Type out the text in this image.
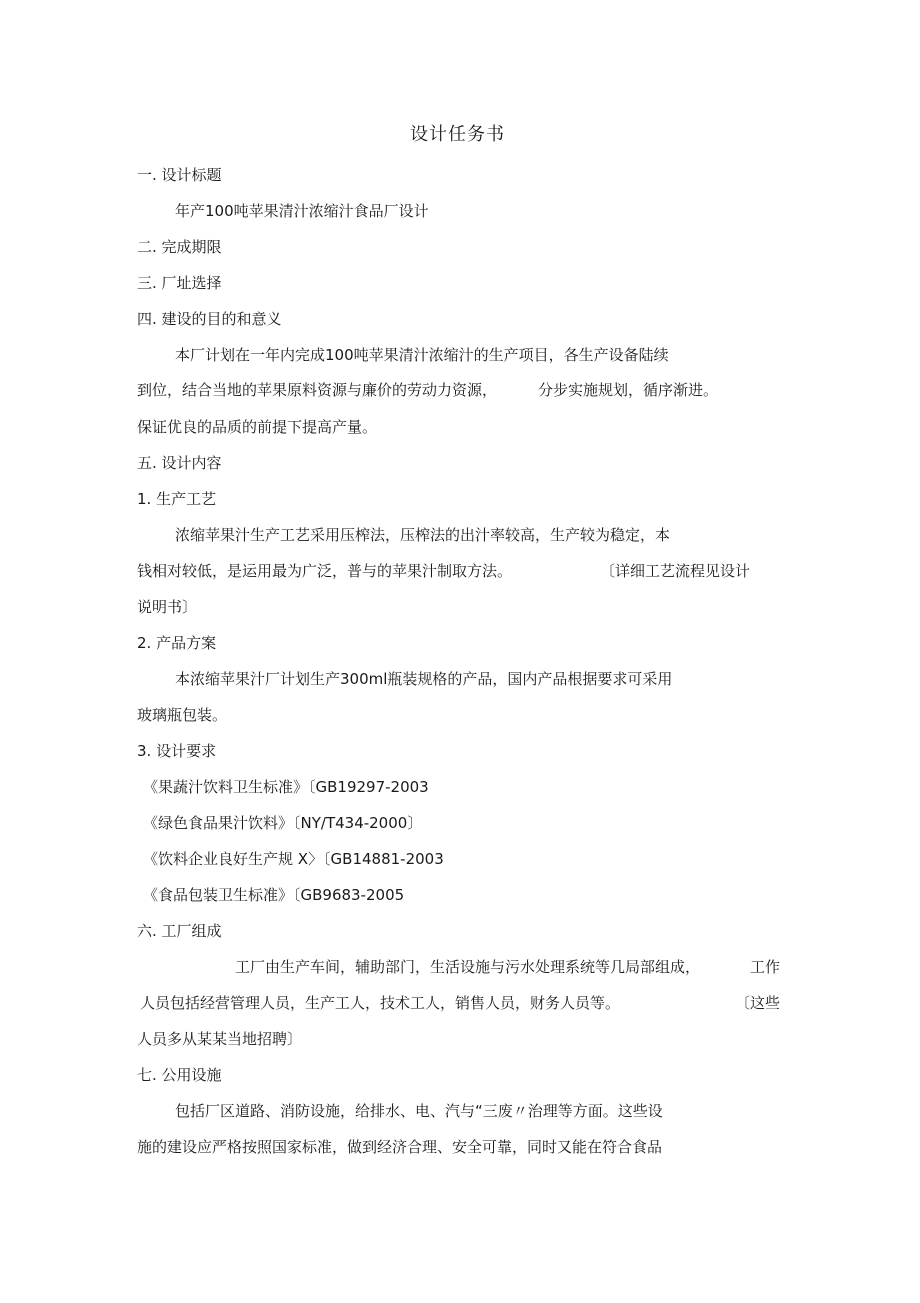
设计任务书
一. 设计标题
年产100吨苹果清汁浓缩汁食品厂设计
二. 完成期限
三. 厂址选择
四. 建设的目的和意义
本厂计划在一年内完成100吨苹果清汁浓缩汁的生产项目，各生产设备陆续
到位，结合当地的苹果原料资源与廉价的劳动力资源，	分步实施规划，循序渐进。
保证优良的品质的前提下提高产量。
五. 设计内容
1. 生产工艺
浓缩苹果汁生产工艺采用压榨法，压榨法的出汁率较高，生产较为稳定，本
钱相对较低，是运用最为广泛，普与的苹果汁制取方法。	〔详细工艺流程见设计
说明书〕
2. 产品方案
本浓缩苹果汁厂计划生产300ml瓶装规格的产品，国内产品根据要求可采用
玻璃瓶包装。
3. 设计要求
《果蔬汁饮料卫生标准》〔GB19297-2003
《绿色食品果汁饮料》〔NY/T434-2000〕
《饮料企业良好生产规 X〉〔GB14881-2003
《食品包装卫生标准》〔GB9683-2005
六. 工厂组成
工厂由生产车间，辅助部门，生活设施与污水处理系统等几局部组成，	工作
人员包括经营管理人员，生产工人，技术工人，销售人员，财务人员等。	〔这些
人员多从某某当地招聘〕
七. 公用设施
包括厂区道路、消防设施，给排水、电、汽与“三废〃治理等方面。这些设
施的建设应严格按照国家标准，做到经济合理、安全可靠，同时又能在符合食品
